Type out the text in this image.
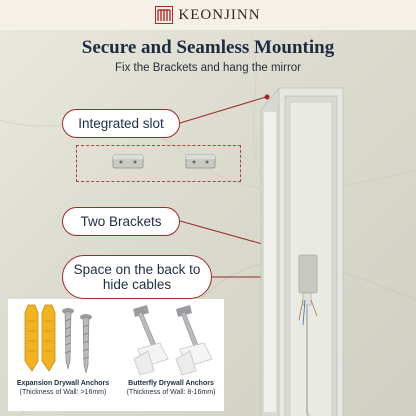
KEONJINN
Secure and Seamless Mounting
Fix the Brackets and hang the mirror
Integrated slot
Two Brackets
Space on the back to hide cables
Expansion Drywall Anchors
(Thickness of Wall: >16mm)
Butterfly Drywall Anchors
(Thickness of Wall: 8-16mm)
